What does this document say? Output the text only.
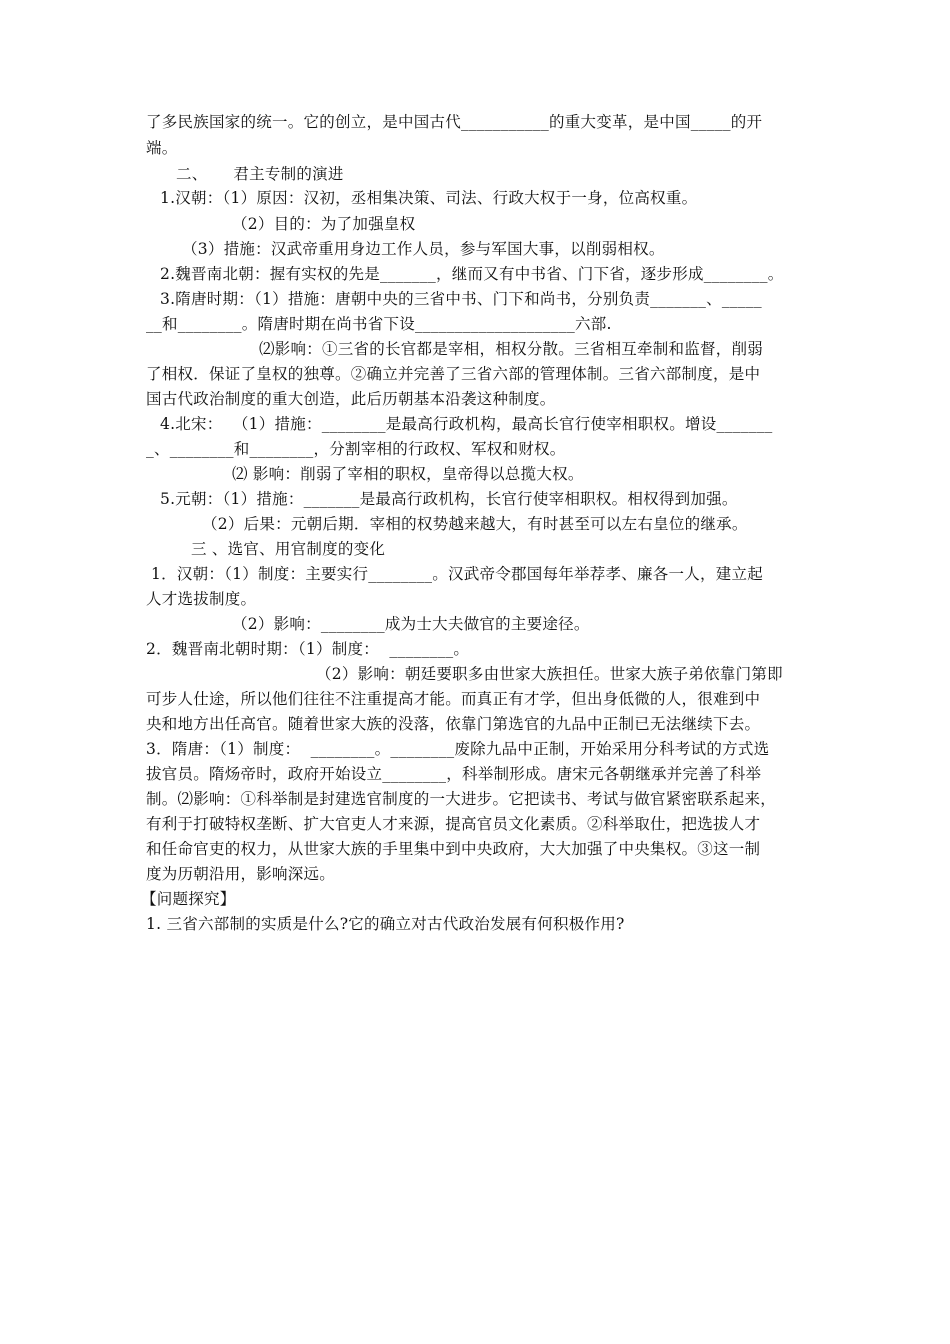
了多民族国家的统一。它的创立，是中国古代___________的重大变革，是中国_____的开
端。
二、     君主专制的演进
1.汉朝：（1）原因：汉初，丞相集决策、司法、行政大权于一身，位高权重。
（2）目的：为了加强皇权
（3）措施：汉武帝重用身边工作人员，参与军国大事，以削弱相权。
2.魏晋南北朝：握有实权的先是_______，继而又有中书省、门下省，逐步形成________。
3.隋唐时期：（1）措施：唐朝中央的三省中书、门下和尚书，分别负责_______、_____
__和________。隋唐时期在尚书省下设____________________六部.
⑵影响：①三省的长官都是宰相，相权分散。三省相互牵制和监督，削弱
了相权．保证了皇权的独尊。②确立并完善了三省六部的管理体制。三省六部制度，是中
国古代政治制度的重大创造，此后历朝基本沿袭这种制度。
4.北宋：  （1）措施：________是最高行政机构，最高长官行使宰相职权。增设_______
_、________和________，分割宰相的行政权、军权和财权。
⑵ 影响：削弱了宰相的职权，皇帝得以总揽大权。
5.元朝：（1）措施：_______是最高行政机构，长官行使宰相职权。相权得到加强。
（2）后果：元朝后期．宰相的权势越来越大，有时甚至可以左右皇位的继承。
三 、选官、用官制度的变化
1．汉朝：（1）制度：主要实行________。汉武帝令郡国每年举荐孝、廉各一人，建立起
人才选拔制度。
（2）影响：________成为士大夫做官的主要途径。
2．魏晋南北朝时期：（1）制度：  ________。
（2）影响：朝廷要职多由世家大族担任。世家大族子弟依靠门第即
可步人仕途，所以他们往往不注重提高才能。而真正有才学，但出身低微的人，很难到中
央和地方出任高官。随着世家大族的没落，依靠门第选官的九品中正制已无法继续下去。
3．隋唐：（1）制度：  ________。________废除九品中正制，开始采用分科考试的方式选
拔官员。隋炀帝时，政府开始设立________，科举制形成。唐宋元各朝继承并完善了科举
制。⑵影响：①科举制是封建选官制度的一大进步。它把读书、考试与做官紧密联系起来，
有利于打破特权垄断、扩大官吏人才来源，提高官员文化素质。②科举取仕，把选拔人才
和任命官吏的权力，从世家大族的手里集中到中央政府，大大加强了中央集权。③这一制
度为历朝沿用，影响深远。
【问题探究】
1. 三省六部制的实质是什么?它的确立对古代政治发展有何积极作用?
